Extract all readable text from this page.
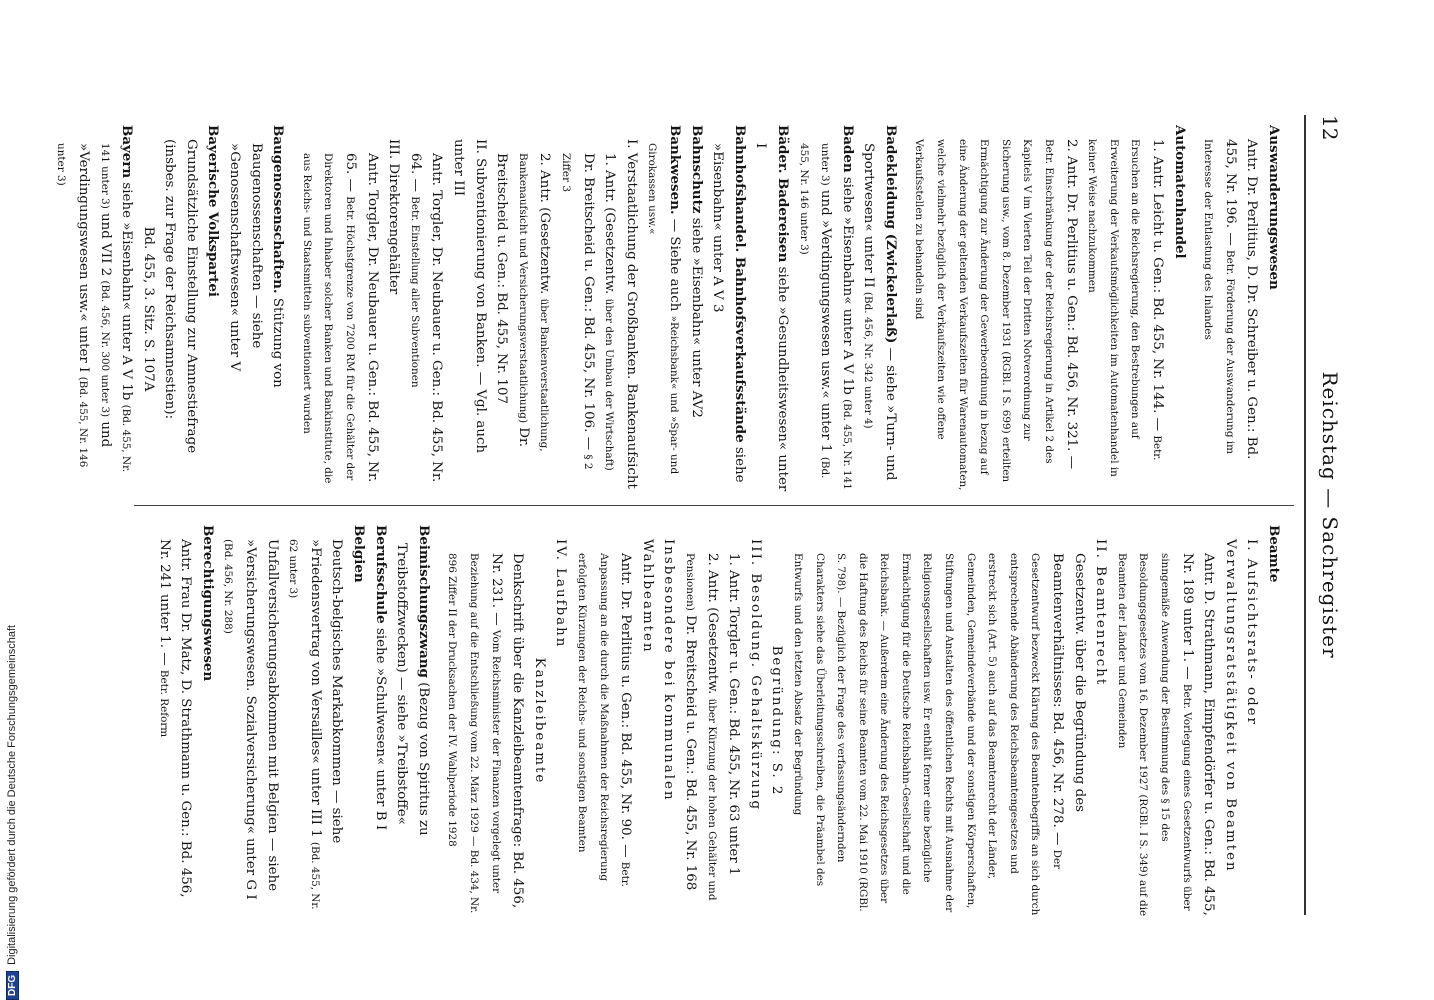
12
Reichstag — Sachregister

Auswanderungswesen

Antr. Dr. Perlitius, D. Dr. Schreiber u. Gen.: Bd. 455, Nr. 196. — Betr. Förderung der Auswanderung im Interesse der Entlastung des Inlandes

Automatenhandel

1. Antr. Leicht u. Gen.: Bd. 455, Nr. 144. — Betr. Ersuchen an die Reichsregierung, den Bestrebungen auf Erweiterung der Verkaufsmöglichkeiten im Automatenhandel in keiner Weise nachzukommen

2. Antr. Dr. Perlitius u. Gen.: Bd. 456, Nr. 321. — Betr. Einschränkung der der Reichsregierung in Artikel 2 des Kapitels V im Vierten Teil der Dritten Notverordnung zur Sicherung usw., vom 8. Dezember 1931 (RGBl. I S. 699) erteilten Ermächtigung zur Änderung der Gewerbeordnung in bezug auf eine Änderung der geltenden Verkaufszeiten für Warenautomaten, welche vielmehr bezüglich der Verkaufszeiten wie offene Verkaufsstellen zu behandeln sind

Badekleidung (Zwickelerlaß) — siehe »Turn- und Sportwesen« unter II (Bd. 456, Nr. 342 unter 4)

Baden siehe »Eisenbahn« unter A V 1b (Bd. 455, Nr. 141 unter 3) und »Verdingungswesen usw.« unter 1 (Bd. 455, Nr. 146 unter 3)

Bäder. Badereisen siehe »Gesundheitswesen« unter I

Bahnhofshandel. Bahnhofsverkaufsstände siehe »Eisenbahn« unter A V 3

Bahnschutz siehe »Eisenbahn« unter AV2

Bankwesen. — Siehe auch »Reichsbank« und »Spar- und Girokassen usw.«

I. Verstaatlichung der Großbanken. Bankenaufsicht

1. Antr. (Gesetzentw. über den Umbau der Wirtschaft) Dr. Breitscheid u. Gen.: Bd. 455, Nr. 106. — § 2 Ziffer 3

2. Antr. (Gesetzentw. über Bankenverstaatlichung, Bankenaufsicht und Versicherungsverstaatlichung) Dr. Breitscheid u. Gen.: Bd. 455, Nr. 107

II. Subventionierung von Banken. — Vgl. auch unter III

Antr. Torgler, Dr. Neubauer u. Gen.: Bd. 455, Nr. 64. — Betr. Einstellung aller Subventionen

III. Direktorengehälter

Antr. Torgler, Dr. Neubauer u. Gen.: Bd. 455, Nr. 65. — Betr. Höchstgrenze von 7200 RM für die Gehälter der Direktoren und Inhaber solcher Banken und Bankinstitute, die aus Reichs- und Staatsmitteln subventioniert wurden

Baugenossenschaften. Stützung von Baugenossenschaften — siehe »Genossenschaftswesen« unter V

Bayerische Volkspartei

Grundsätzliche Einstellung zur Amnestiefrage (insbes. zur Frage der Reichsamnestien):

Bd. 455, 3. Sitz. S. 107A

Bayern siehe »Eisenbahn« unter A V 1b (Bd. 455, Nr. 141 unter 3) und VII 2 (Bd. 456, Nr. 300 unter 3) und »Verdingungswesen usw.« unter I (Bd. 455, Nr. 146 unter 3)

Beamte

I. Aufsichtsrats- oder Verwaltungsratstätigkeit von Beamten

Antr. D. Strathmann, Eimpfendörfer u. Gen.: Bd. 455, Nr. 189 unter 1. — Betr. Vorlegung eines Gesetzentwurfs über sinngemäße Anwendung der Bestimmung des § 15 des Besoldungsgesetzes vom 16. Dezember 1927 (RGBl. I S. 349) auf die Beamten der Länder und Gemeinden

II. Beamtenrecht

Gesetzentw. über die Begründung des Beamtenverhältnisses: Bd. 456, Nr. 278. — Der Gesetzentwurf bezweckt Klärung des Beamtenbegriffs an sich durch entsprechende Abänderung des Reichsbeamtengesetzes und erstreckt sich (Art. 5) auch auf das Beamtenrecht der Länder, Gemeinden, Gemeindeverbände und der sonstigen Körperschaften, Stiftungen und Anstalten des öffentlichen Rechts mit Ausnahme der Religionsgesellschaften usw. Er enthält ferner eine bezügliche Ermächtigung für die Deutsche Reichsbahn-Gesellschaft und die Reichsbank. — Außerdem eine Änderung des Reichsgesetzes über die Haftung des Reichs für seine Beamten vom 22. Mai 1910 (RGBl. S. 798). — Bezüglich der Frage des verfassungsändernden Charakters siehe das Überleitungsschreiben, die Präambel des Entwurfs und den letzten Absatz der Begründung

Begründung: S. 2

III. Besoldung. Gehaltskürzung

1. Antr. Torgler u. Gen.: Bd. 455, Nr. 63 unter 1

2. Antr. (Gesetzentw. über Kürzung der hohen Gehälter und Pensionen) Dr. Breitscheid u. Gen.: Bd. 455, Nr. 168

Insbesondere bei kommunalen Wahlbeamten

Antr. Dr. Perlitius u. Gen.: Bd. 455, Nr. 90. — Betr. Anpassung an die durch die Maßnahmen der Reichsregierung erfolgten Kürzungen der Reichs- und sonstigen Beamten

IV. Laufbahn

Kanzleibeamte

Denkschrift über die Kanzleibeamtenfrage: Bd. 456, Nr. 231. — Vom Reichsminister der Finanzen vorgelegt unter Beziehung auf die Entschließung vom 22. März 1929 — Bd. 434, Nr. 896 Ziffer II der Drucksachen der IV. Wahlperiode 1928

Beimischungszwang (Bezug von Spiritus zu Treibstoffzwecken) — siehe »Treibstoffe«

Berufsschule siehe »Schulwesen« unter B I

Belgien

Deutsch-belgisches Markabkommen — siehe »Friedensvertrag von Versailles« unter III 1 (Bd. 455, Nr. 62 unter 3)

Unfallversicherungsabkommen mit Belgien — siehe »Versicherungswesen. Sozialversicherung« unter G I (Bd. 456, Nr. 288)

Berechtigungswesen

Antr. Frau Dr. Matz, D. Strathmann u. Gen.: Bd. 456, Nr. 241 unter 1. — Betr. Reform

DFGDigitalisierung gefördert durch die Deutsche Forschungsgemeinschaft
